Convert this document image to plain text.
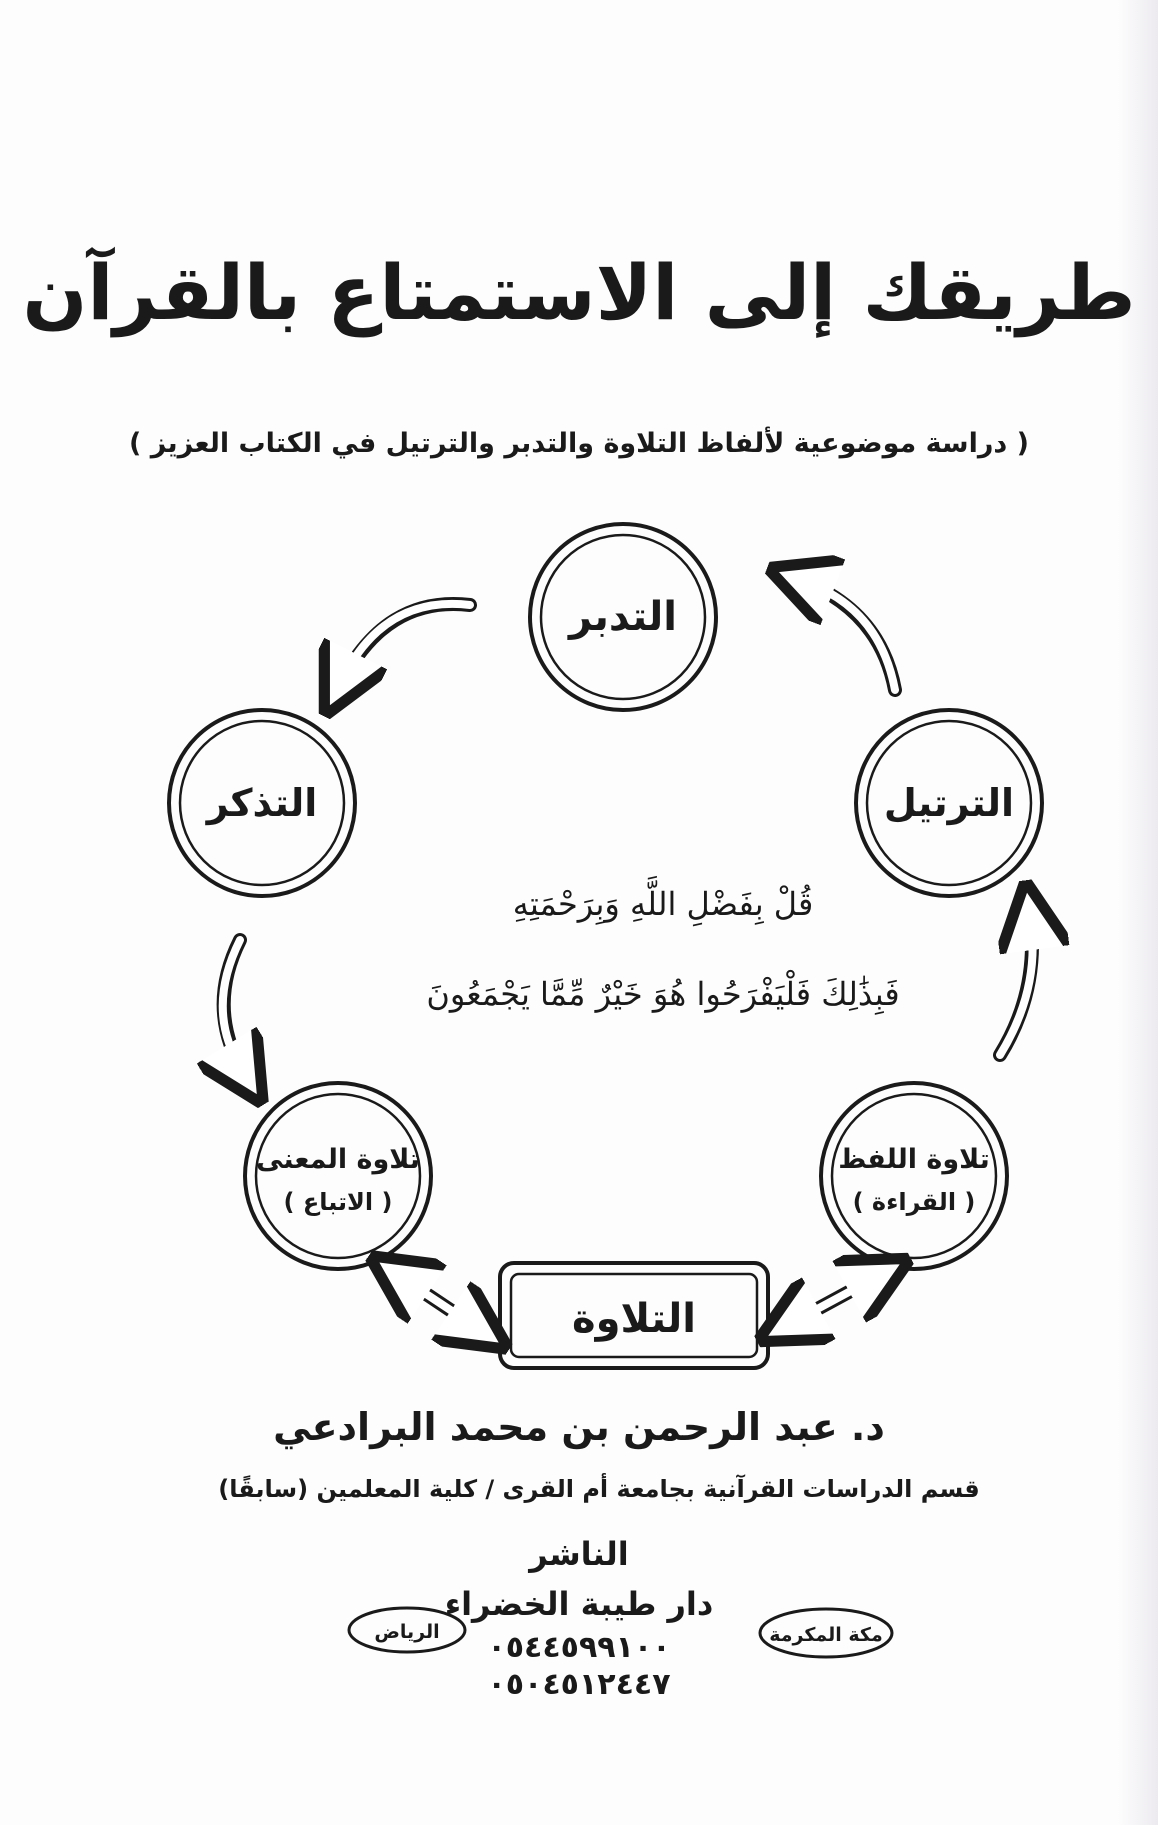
طريقك إلى الاستمتاع بالقرآن
( دراسة موضوعية لألفاظ التلاوة والتدبر والترتيل في الكتاب العزيز )
التدبر
الترتيل
التذكر
تلاوة اللفظ
( القراءة )
تلاوة المعنى
( الاتباع )
التلاوة
قُلْ بِفَضْلِ اللَّهِ وَبِرَحْمَتِهِ
فَبِذَٰلِكَ فَلْيَفْرَحُوا هُوَ خَيْرٌ مِّمَّا يَجْمَعُونَ
مكة المكرمة
الرياض
د. عبد الرحمن بن محمد البرادعي
قسم الدراسات القرآنية بجامعة أم القرى / كلية المعلمين (سابقًا)
الناشر
دار طيبة الخضراء
٠٥٤٤٥٩٩١٠٠
٠٥٠٤٥١٢٤٤٧
